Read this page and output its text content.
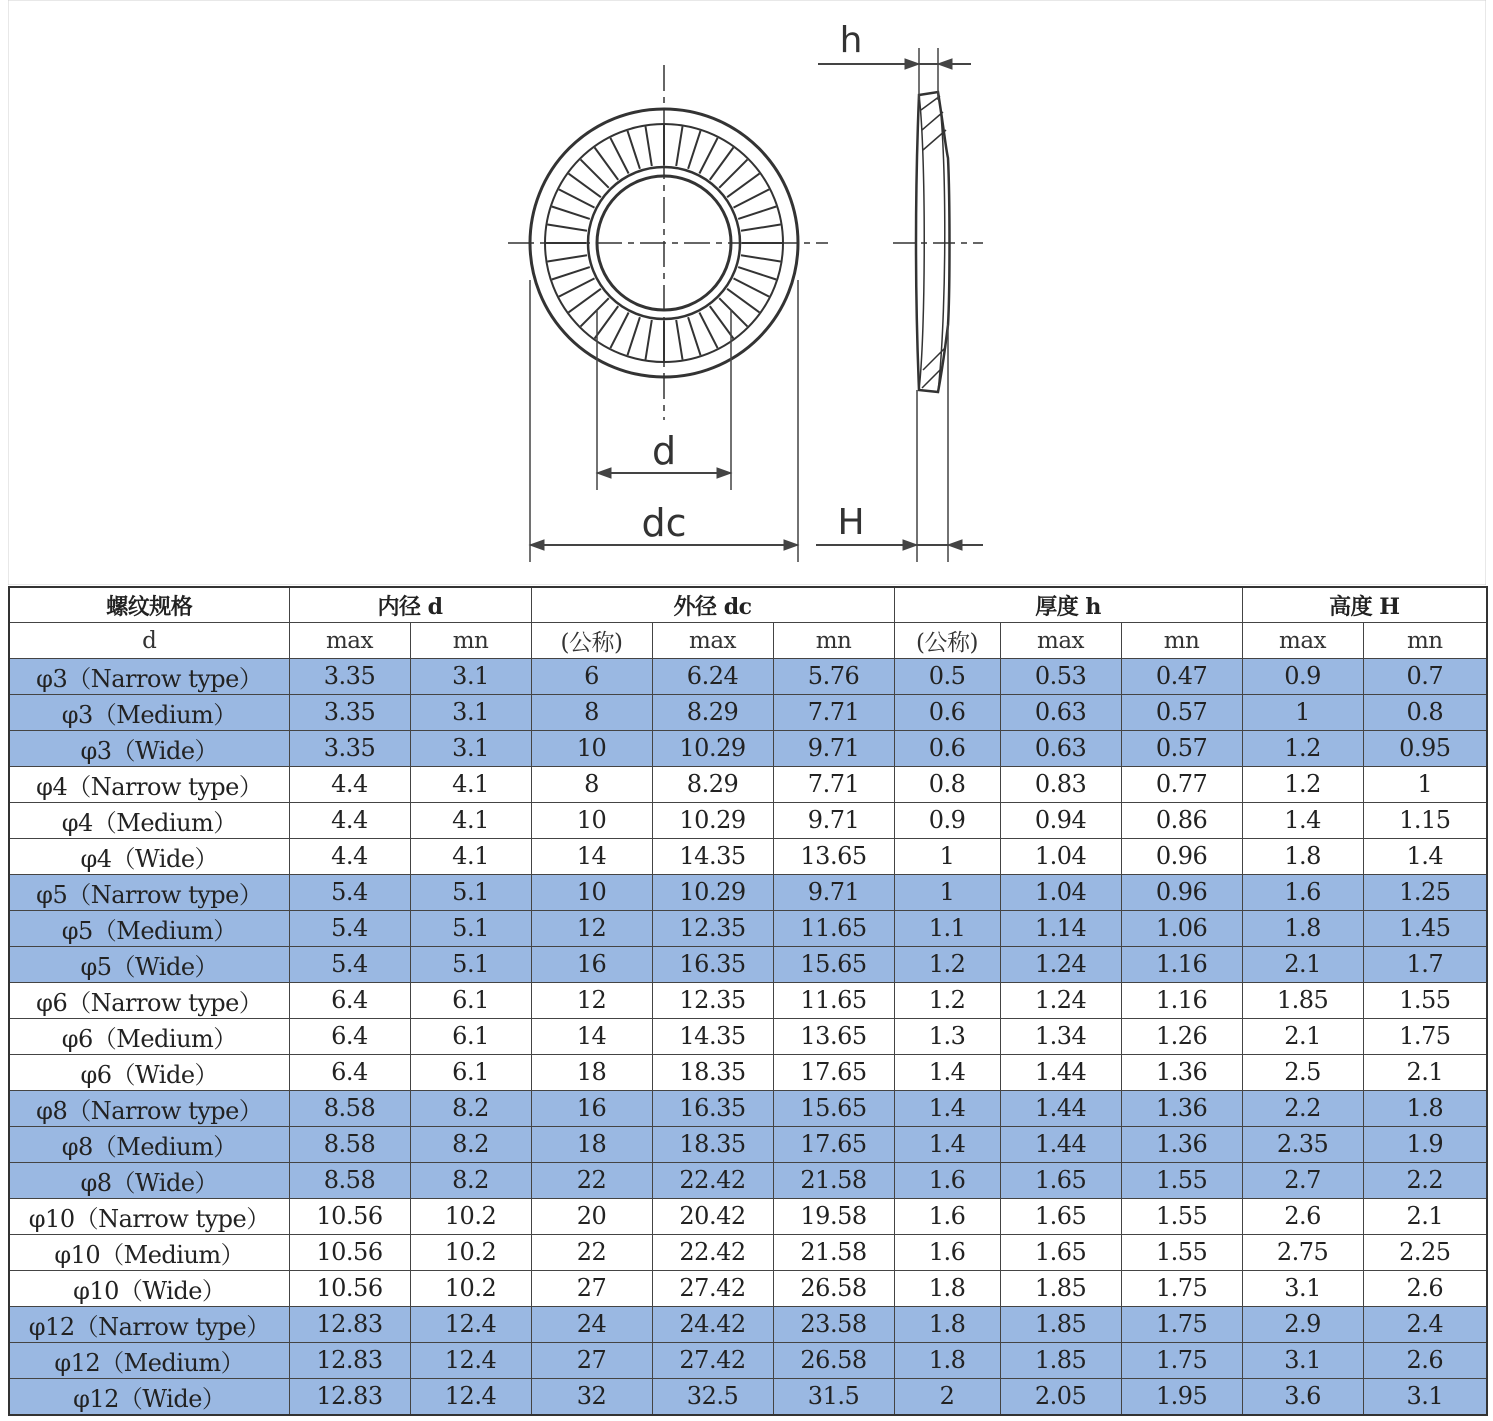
d
dc
h
H
螺纹规格	内径 d		外径 dc			厚度 h			高度 H	
d	max	mn	(公称)	max	mn	(公称)	max	mn	max	mn
φ3（Narrow type）	3.35	3.1	6	6.24	5.76	0.5	0.53	0.47	0.9	0.7
φ3（Medium）	3.35	3.1	8	8.29	7.71	0.6	0.63	0.57	1	0.8
φ3（Wide）	3.35	3.1	10	10.29	9.71	0.6	0.63	0.57	1.2	0.95
φ4（Narrow type）	4.4	4.1	8	8.29	7.71	0.8	0.83	0.77	1.2	1
φ4（Medium）	4.4	4.1	10	10.29	9.71	0.9	0.94	0.86	1.4	1.15
φ4（Wide）	4.4	4.1	14	14.35	13.65	1	1.04	0.96	1.8	1.4
φ5（Narrow type）	5.4	5.1	10	10.29	9.71	1	1.04	0.96	1.6	1.25
φ5（Medium）	5.4	5.1	12	12.35	11.65	1.1	1.14	1.06	1.8	1.45
φ5（Wide）	5.4	5.1	16	16.35	15.65	1.2	1.24	1.16	2.1	1.7
φ6（Narrow type）	6.4	6.1	12	12.35	11.65	1.2	1.24	1.16	1.85	1.55
φ6（Medium）	6.4	6.1	14	14.35	13.65	1.3	1.34	1.26	2.1	1.75
φ6（Wide）	6.4	6.1	18	18.35	17.65	1.4	1.44	1.36	2.5	2.1
φ8（Narrow type）	8.58	8.2	16	16.35	15.65	1.4	1.44	1.36	2.2	1.8
φ8（Medium）	8.58	8.2	18	18.35	17.65	1.4	1.44	1.36	2.35	1.9
φ8（Wide）	8.58	8.2	22	22.42	21.58	1.6	1.65	1.55	2.7	2.2
φ10（Narrow type）	10.56	10.2	20	20.42	19.58	1.6	1.65	1.55	2.6	2.1
φ10（Medium）	10.56	10.2	22	22.42	21.58	1.6	1.65	1.55	2.75	2.25
φ10（Wide）	10.56	10.2	27	27.42	26.58	1.8	1.85	1.75	3.1	2.6
φ12（Narrow type）	12.83	12.4	24	24.42	23.58	1.8	1.85	1.75	2.9	2.4
φ12（Medium）	12.83	12.4	27	27.42	26.58	1.8	1.85	1.75	3.1	2.6
φ12（Wide）	12.83	12.4	32	32.5	31.5	2	2.05	1.95	3.6	3.1
